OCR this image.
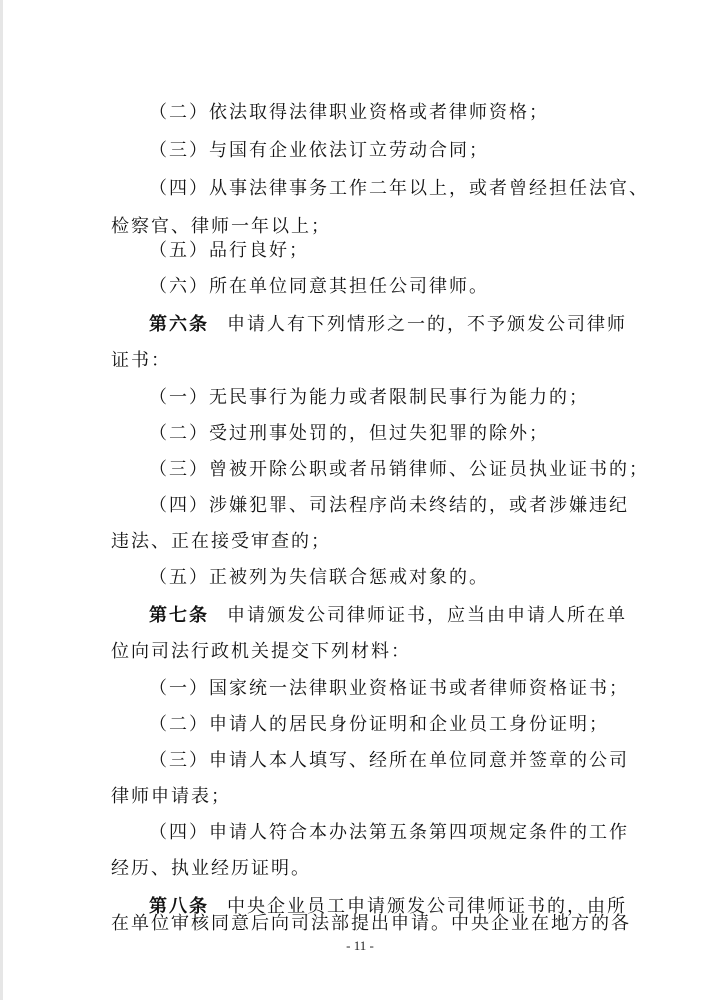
（二）依法取得法律职业资格或者律师资格；
（三）与国有企业依法订立劳动合同；
（四）从事法律事务工作二年以上，或者曾经担任法官、
检察官、律师一年以上；
（五）品行良好；
（六）所在单位同意其担任公司律师。
第六条 申请人有下列情形之一的，不予颁发公司律师
证书：
（一）无民事行为能力或者限制民事行为能力的；
（二）受过刑事处罚的，但过失犯罪的除外；
（三）曾被开除公职或者吊销律师、公证员执业证书的；
（四）涉嫌犯罪、司法程序尚未终结的，或者涉嫌违纪
违法、正在接受审查的；
（五）正被列为失信联合惩戒对象的。
第七条 申请颁发公司律师证书，应当由申请人所在单
位向司法行政机关提交下列材料：
（一）国家统一法律职业资格证书或者律师资格证书；
（二）申请人的居民身份证明和企业员工身份证明；
（三）申请人本人填写、经所在单位同意并签章的公司
律师申请表；
（四）申请人符合本办法第五条第四项规定条件的工作
经历、执业经历证明。
第八条 中央企业员工申请颁发公司律师证书的，由所
在单位审核同意后向司法部提出申请。中央企业在地方的各
- 11 -
